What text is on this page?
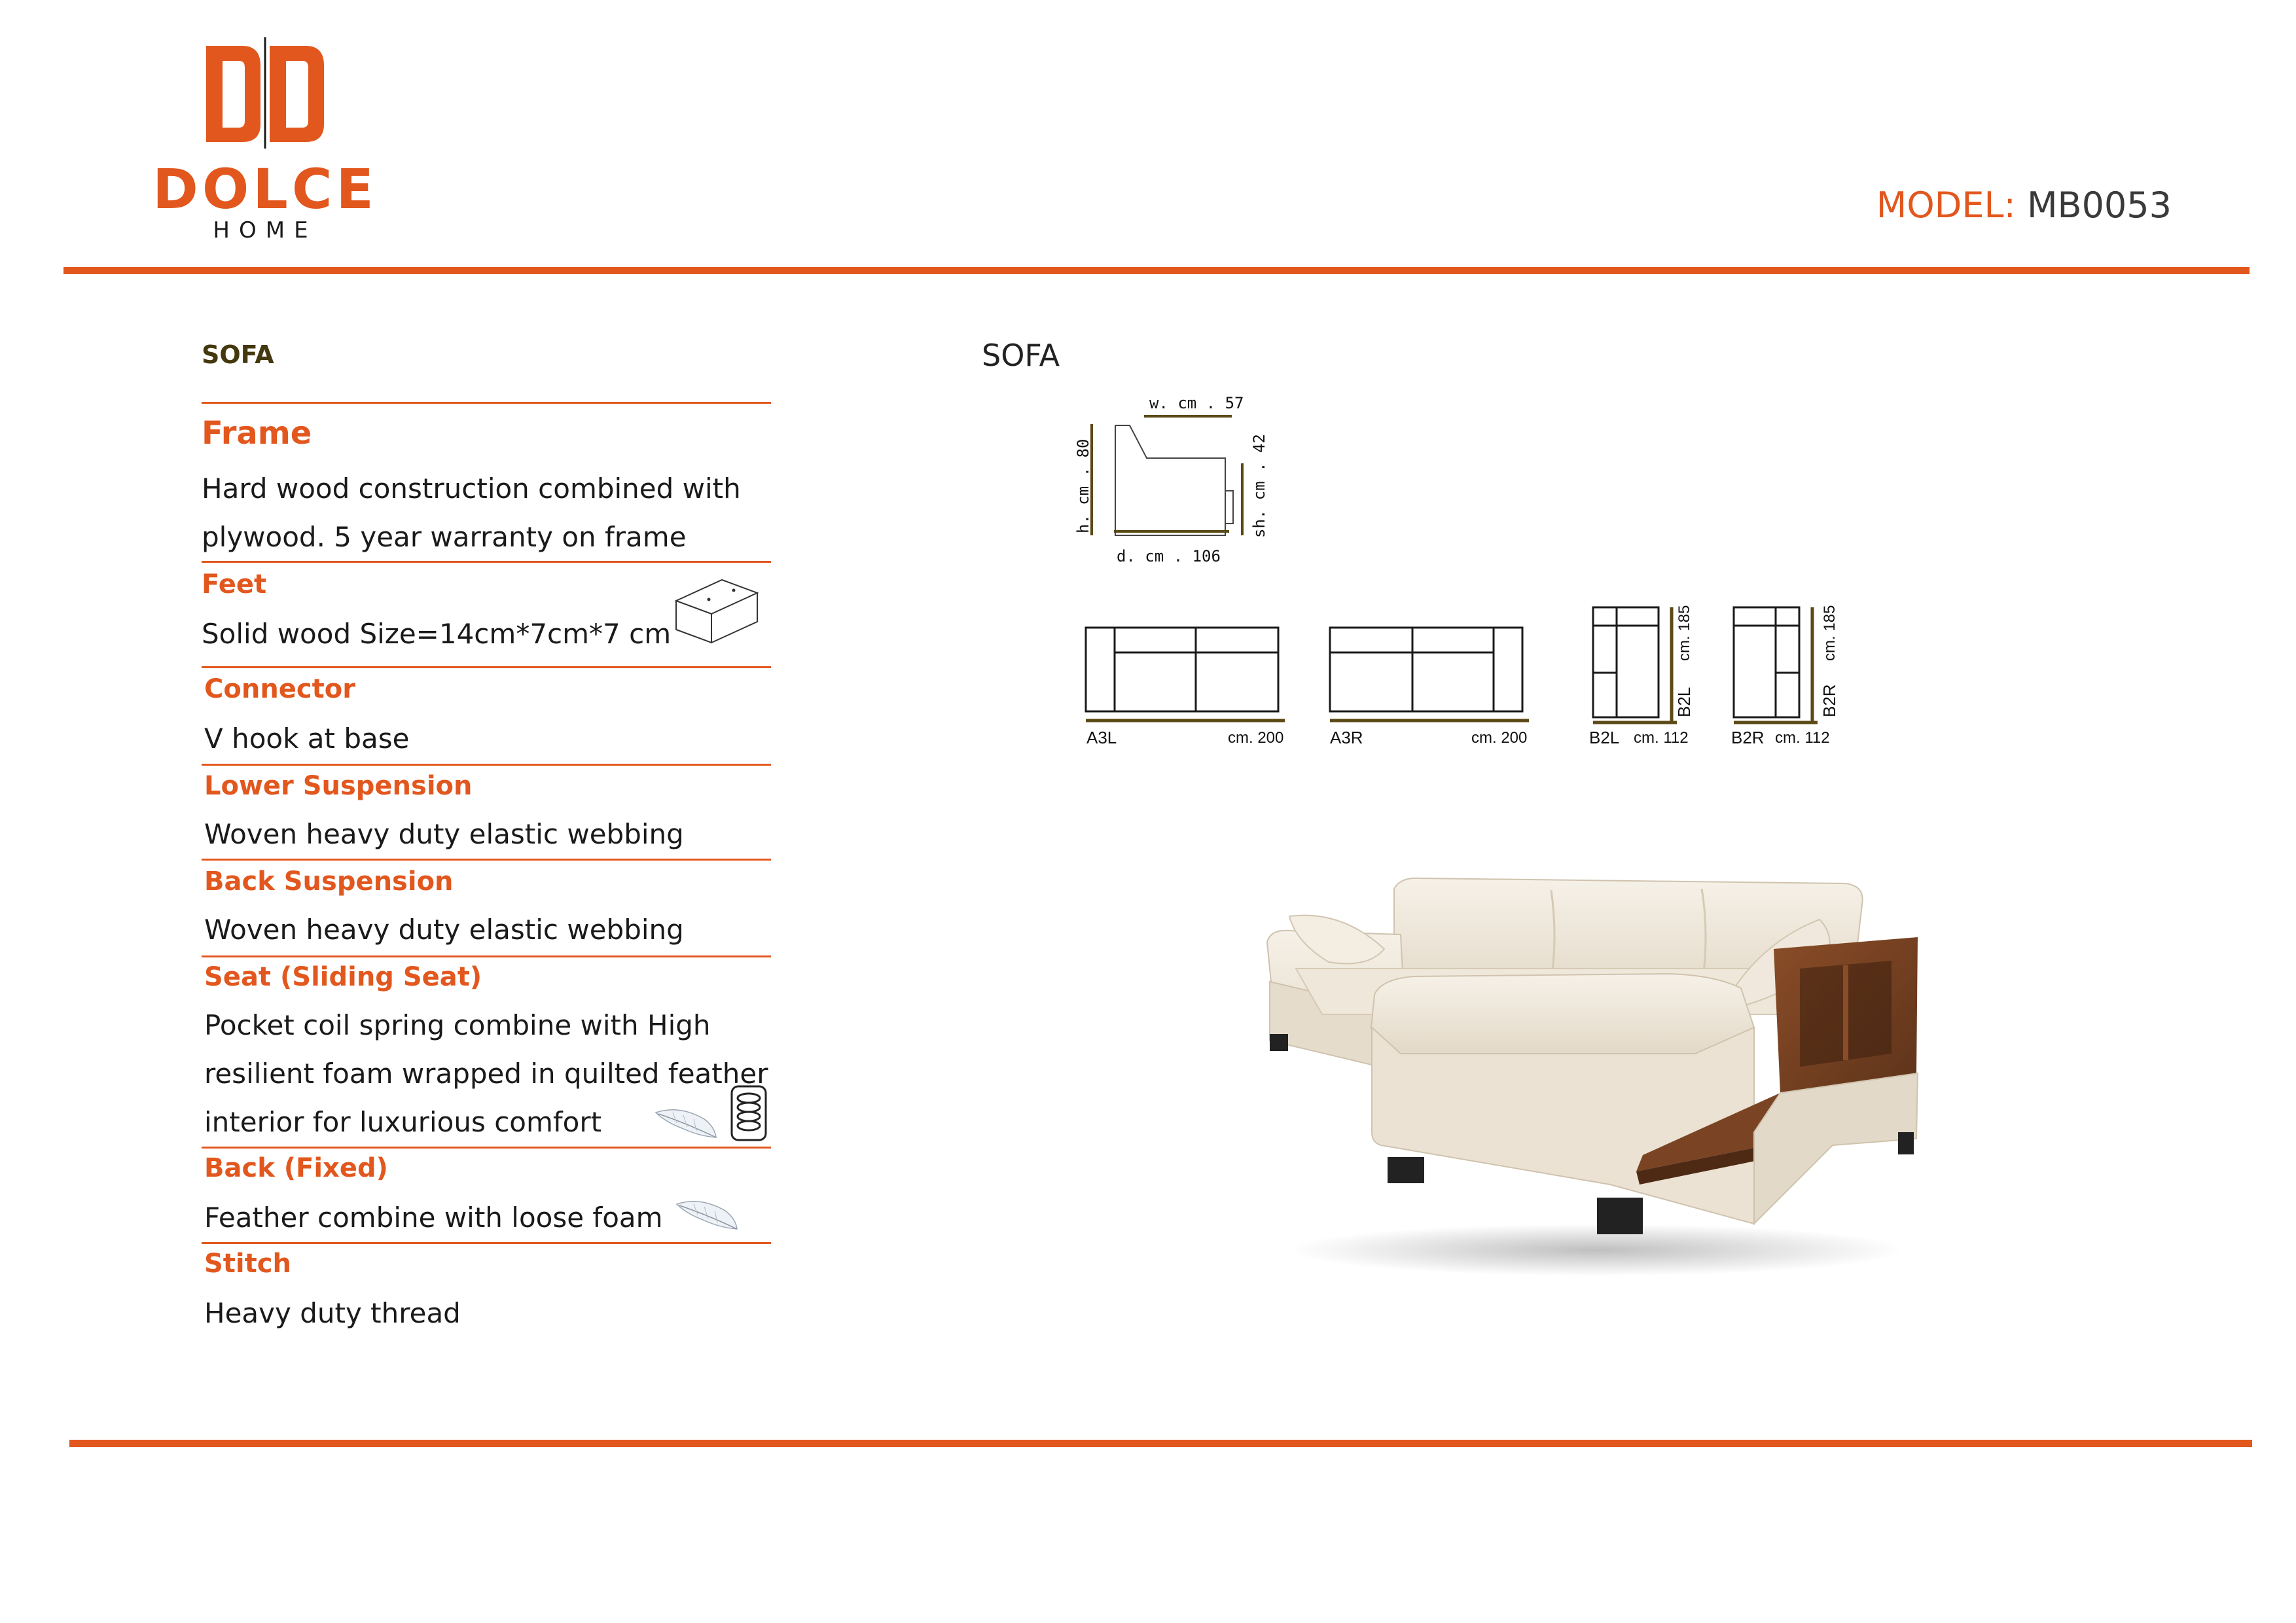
DOLCE
HOME
MODEL: MB0053
SOFA
Frame
Hard wood construction combined with
plywood. 5 year warranty on frame
Feet
Solid wood Size=14cm*7cm*7 cm
Connector
V hook at base
Lower Suspension
Woven heavy duty elastic webbing
Back Suspension
Woven heavy duty elastic webbing
Seat (Sliding Seat)
Pocket coil spring combine with High
resilient foam wrapped in quilted feather
interior for luxurious comfort
Back (Fixed)
Feather combine with loose foam
Stitch
Heavy duty thread
SOFA
w. cm . 57
h. cm . 80	sh. cm . 42
d. cm . 106
A3L	cm. 200	A3R	cm. 200
cm. 185
B2L
B2L cm. 112
cm. 185
B2R
B2R cm. 112
